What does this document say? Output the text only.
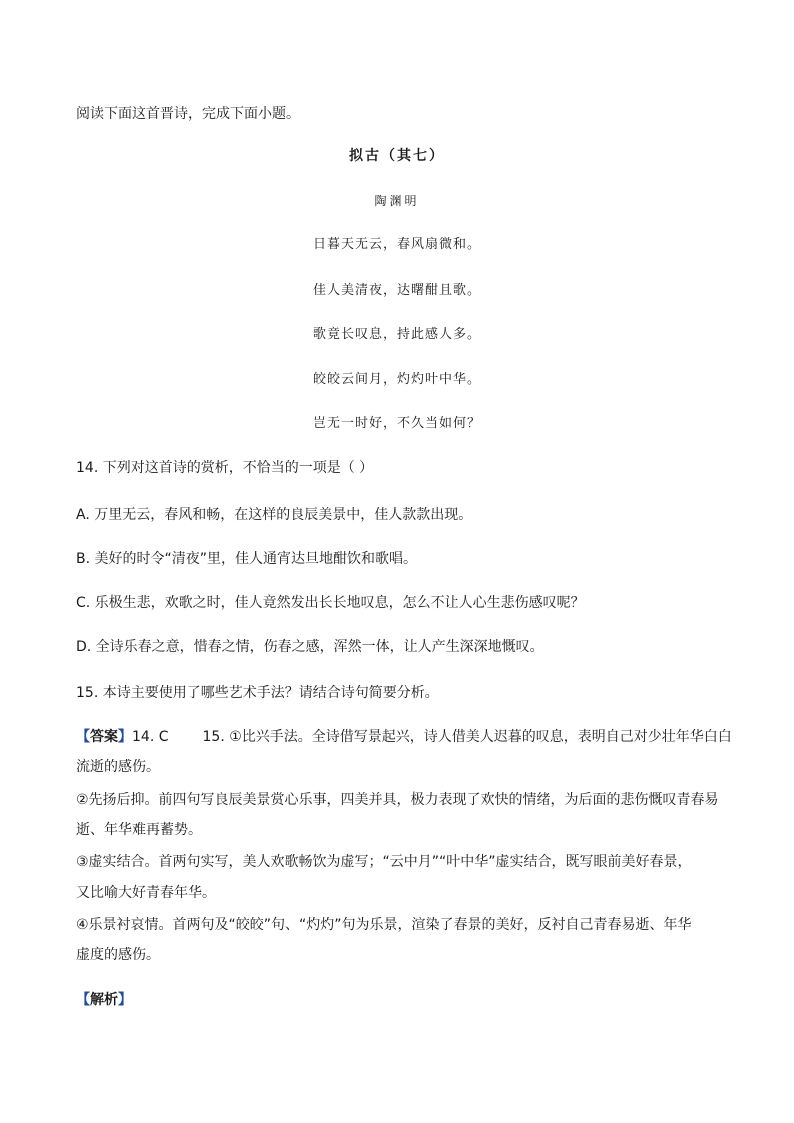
阅读下面这首晋诗，完成下面小题。
拟古（其七）
陶渊明
日暮天无云，春风扇微和。
佳人美清夜，达曙酣且歌。
歌竟长叹息，持此感人多。
皎皎云间月，灼灼叶中华。
岂无一时好，不久当如何？
14. 下列对这首诗的赏析，不恰当的一项是（ ）
A. 万里无云，春风和畅，在这样的良辰美景中，佳人款款出现。
B. 美好的时令“清夜”里，佳人通宵达旦地酣饮和歌唱。
C. 乐极生悲，欢歌之时，佳人竟然发出长长地叹息，怎么不让人心生悲伤感叹呢？
D. 全诗乐春之意，惜春之情，伤春之感，浑然一体，让人产生深深地慨叹。
15. 本诗主要使用了哪些艺术手法？请结合诗句简要分析。
【答案】14. C 15. ①比兴手法。全诗借写景起兴，诗人借美人迟暮的叹息，表明自己对少壮年华白白
流逝的感伤。
②先扬后抑。前四句写良辰美景赏心乐事，四美并具，极力表现了欢快的情绪，为后面的悲伤慨叹青春易
逝、年华难再蓄势。
③虚实结合。首两句实写，美人欢歌畅饮为虚写；“云中月”“叶中华”虚实结合，既写眼前美好春景，
又比喻大好青春年华。
④乐景衬哀情。首两句及“皎皎”句、“灼灼”句为乐景，渲染了春景的美好，反衬自己青春易逝、年华
虚度的感伤。
【解析】
